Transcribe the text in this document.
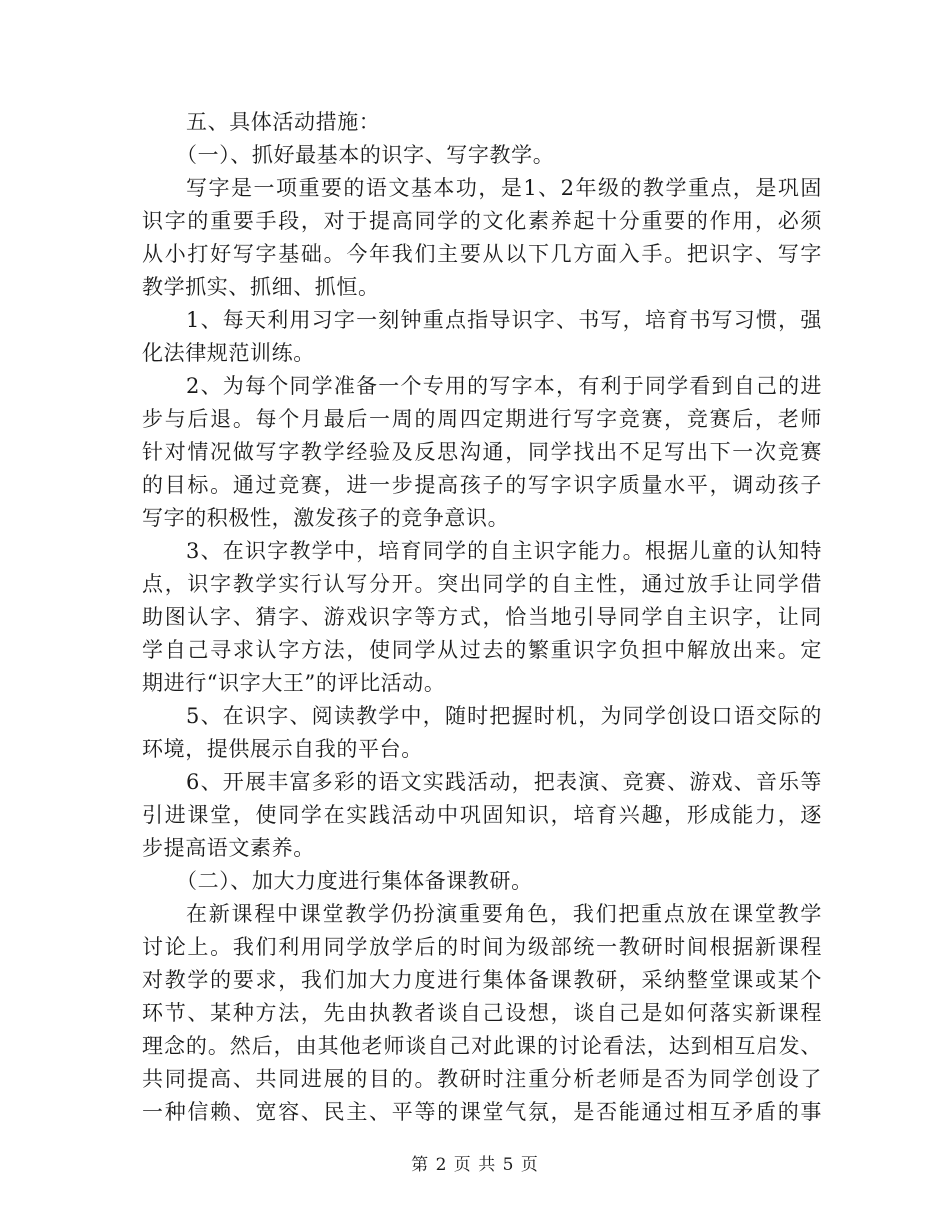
五、具体活动措施：
（一）、抓好最基本的识字、写字教学。
写字是一项重要的语文基本功，是1、2年级的教学重点，是巩固
识字的重要手段，对于提高同学的文化素养起十分重要的作用，必须
从小打好写字基础。今年我们主要从以下几方面入手。把识字、写字
教学抓实、抓细、抓恒。
1、每天利用习字一刻钟重点指导识字、书写，培育书写习惯，强
化法律规范训练。
2、为每个同学准备一个专用的写字本，有利于同学看到自己的进
步与后退。每个月最后一周的周四定期进行写字竞赛，竞赛后，老师
针对情况做写字教学经验及反思沟通，同学找出不足写出下一次竞赛
的目标。通过竞赛，进一步提高孩子的写字识字质量水平，调动孩子
写字的积极性，激发孩子的竞争意识。
3、在识字教学中，培育同学的自主识字能力。根据儿童的认知特
点，识字教学实行认写分开。突出同学的自主性，通过放手让同学借
助图认字、猜字、游戏识字等方式，恰当地引导同学自主识字，让同
学自己寻求认字方法，使同学从过去的繁重识字负担中解放出来。定
期进行“识字大王”的评比活动。
5、在识字、阅读教学中，随时把握时机，为同学创设口语交际的
环境，提供展示自我的平台。
6、开展丰富多彩的语文实践活动，把表演、竞赛、游戏、音乐等
引进课堂，使同学在实践活动中巩固知识，培育兴趣，形成能力，逐
步提高语文素养。
（二）、加大力度进行集体备课教研。
在新课程中课堂教学仍扮演重要角色，我们把重点放在课堂教学
讨论上。我们利用同学放学后的时间为级部统一教研时间根据新课程
对教学的要求，我们加大力度进行集体备课教研，采纳整堂课或某个
环节、某种方法，先由执教者谈自己设想，谈自己是如何落实新课程
理念的。然后，由其他老师谈自己对此课的讨论看法，达到相互启发、
共同提高、共同进展的目的。教研时注重分析老师是否为同学创设了
一种信赖、宽容、民主、平等的课堂气氛，是否能通过相互矛盾的事
第 2 页 共 5 页
